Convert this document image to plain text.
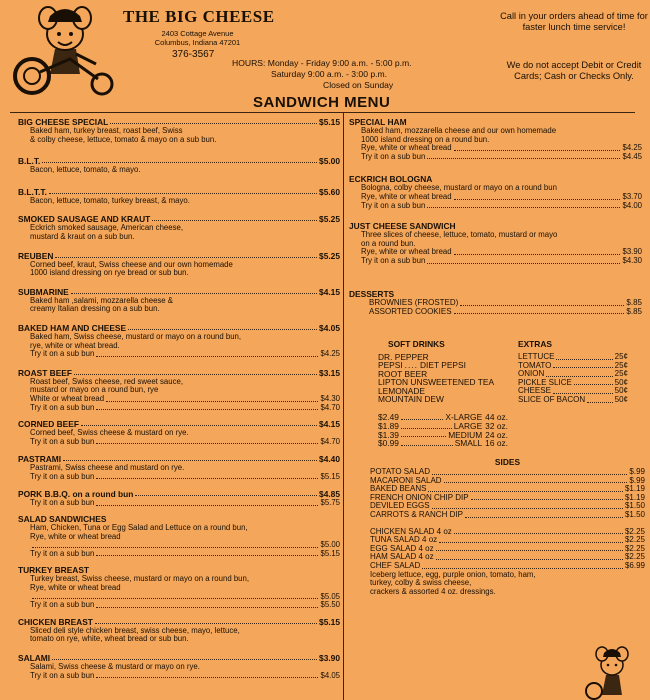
THE BIG CHEESE
2403 Cottage Avenue
Columbus, Indiana 47201
376-3567
HOURS: Monday - Friday 9:00 a.m. - 5:00 p.m.
Saturday 9:00 a.m. - 3:00 p.m.
Closed on Sunday
Call in your orders ahead of time for faster lunch time service!
We do not accept Debit or Credit Cards; Cash or Checks Only.
SANDWICH MENU
BIG CHEESE SPECIAL	$5.15
Baked ham, turkey breast, roast beef, Swiss
& colby cheese, lettuce, tomato & mayo on a sub bun.
B.L.T.	$5.00
Bacon, lettuce, tomato, & mayo.
B.L.T.T.	$5.60
Bacon, lettuce, tomato, turkey breast, & mayo.
SMOKED SAUSAGE AND KRAUT	$5.25
Eckrich smoked sausage, American cheese,
mustard & kraut on a sub bun.
REUBEN	$5.25
Corned beef, kraut, Swiss cheese and our own homemade
1000 island dressing on rye bread or sub bun.
SUBMARINE	$4.15
Baked ham ,salami, mozzarella cheese &
creamy Italian dressing on a sub bun.
BAKED HAM AND CHEESE	$4.05
Baked ham, Swiss cheese, mustard or mayo on a round bun,
rye, white or wheat bread.
Try it on a sub bun	$4.25
ROAST BEEF	$3.15
Roast beef, Swiss cheese, red sweet sauce,
mustard or mayo on a round bun, rye
White or wheat bread	$4.30
Try it on a sub bun	$4.70
CORNED BEEF	$4.15
Corned beef, Swiss cheese & mustard on rye.
Try it on a sub bun	$4.70
PASTRAMI	$4.40
Pastrami, Swiss cheese and mustard on rye.
Try it on a sub bun	$5.15
PORK B.B.Q. on a round bun	$4.85
Try it on a sub bun	$5.75
SALAD SANDWICHES
Ham, Chicken, Tuna or Egg Salad and Lettuce on a round bun,
Rye, white or wheat bread
$5.00
Try it on a sub bun	$5.15
TURKEY BREAST
Turkey breast, Swiss cheese, mustard or mayo on a round bun,
Rye, white or wheat bread
$5.05
Try it on a sub bun	$5.50
CHICKEN BREAST	$5.15
Sliced deli style chicken breast, swiss cheese, mayo, lettuce,
tomato on rye, white, wheat bread or sub bun.
SALAMI	$3.90
Salami, Swiss cheese & mustard or mayo on rye.
Try it on a sub bun	$4.05
SPECIAL HAM
Baked ham, mozzarella cheese and our own homemade
1000 island dressing on a round bun.
Rye, white or wheat bread	$4.25
Try it on a sub bun	$4.45
ECKRICH BOLOGNA
Bologna, colby cheese, mustard or mayo on a round bun
Rye, white or wheat bread	$3.70
Try it on a sub bun	$4.00
JUST CHEESE SANDWICH
Three slices of cheese, lettuce, tomato, mustard or mayo
on a round bun.
Rye, white or wheat bread	$3.90
Try it on a sub bun	$4.30
DESSERTS
BROWNIES (FROSTED)	$.85
ASSORTED COOKIES	$.85
SOFT DRINKS
DR. PEPPER
PEPSI .... DIET PEPSI
ROOT BEER
LIPTON UNSWEETENED TEA
LEMONADE
MOUNTAIN DEW
$2.49	X-LARGE 44 oz.
$1.89	LARGE 32 oz.
$1.39	MEDIUM 24 oz.
$0.99	SMALL 16 oz.
EXTRAS
LETTUCE	25¢
TOMATO	25¢
ONION	25¢
PICKLE SLICE	50¢
CHEESE	50¢
SLICE OF BACON	50¢
SIDES
POTATO SALAD	$.99
MACARONI SALAD	$.99
BAKED BEANS	$1.19
FRENCH ONION CHIP DIP	$1.19
DEVILED EGGS	$1.50
CARROTS & RANCH DIP	$1.50
CHICKEN SALAD 4 oz	$2.25
TUNA SALAD 4 oz	$2.25
EGG SALAD 4 oz	$2.25
HAM SALAD 4 oz	$2.25
CHEF SALAD	$6.99
Iceberg lettuce, egg, purple onion, tomato, ham,
turkey, colby & swiss cheese,
crackers & assorted 4 oz. dressings.
